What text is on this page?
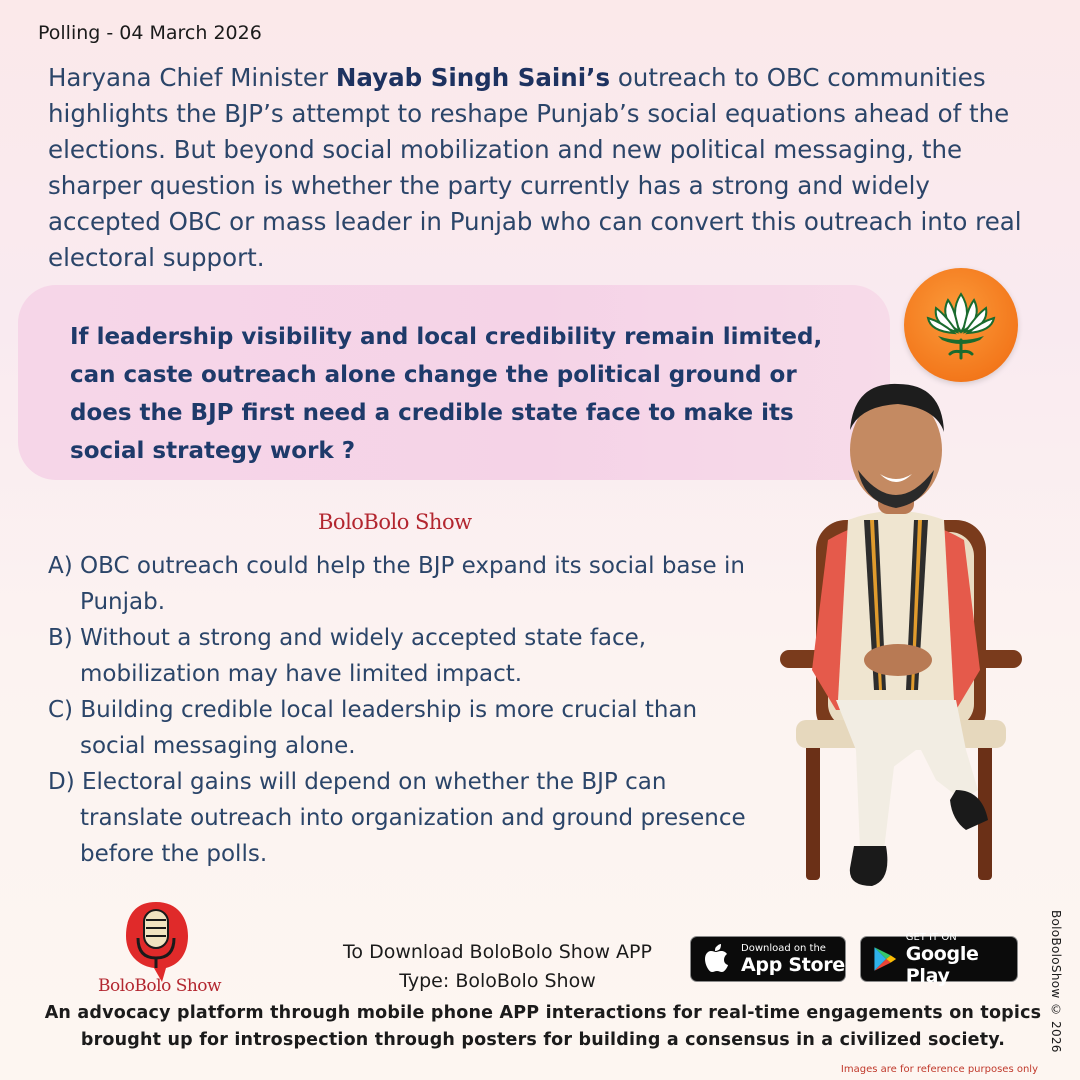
Polling - 04 March 2026

Haryana Chief Minister Nayab Singh Saini’s outreach to OBC communities highlights the BJP’s attempt to reshape Punjab’s social equations ahead of the elections. But beyond social mobilization and new political messaging, the sharper question is whether the party currently has a strong and widely accepted OBC or mass leader in Punjab who can convert this outreach into real electoral support.

If leadership visibility and local credibility remain limited, can caste outreach alone change the political ground or does the BJP first need a credible state face to make its social strategy work ?

BoloBolo Show
A) OBC outreach could help the BJP expand its social base in Punjab.
B) Without a strong and widely accepted state face, mobilization may have limited impact.
C) Building credible local leadership is more crucial than social messaging alone.
D) Electoral gains will depend on whether the BJP can translate outreach into organization and ground presence before the polls.
BoloBolo Show
To Download BoloBolo Show APP
Type: BoloBolo Show
Download on the
App Store
GET IT ON
Google Play

An advocacy platform through mobile phone APP interactions for real-time engagements on topics brought up for introspection through posters for building a consensus in a civilized society.	BoloBoloShow © 2026
Images are for reference purposes only
